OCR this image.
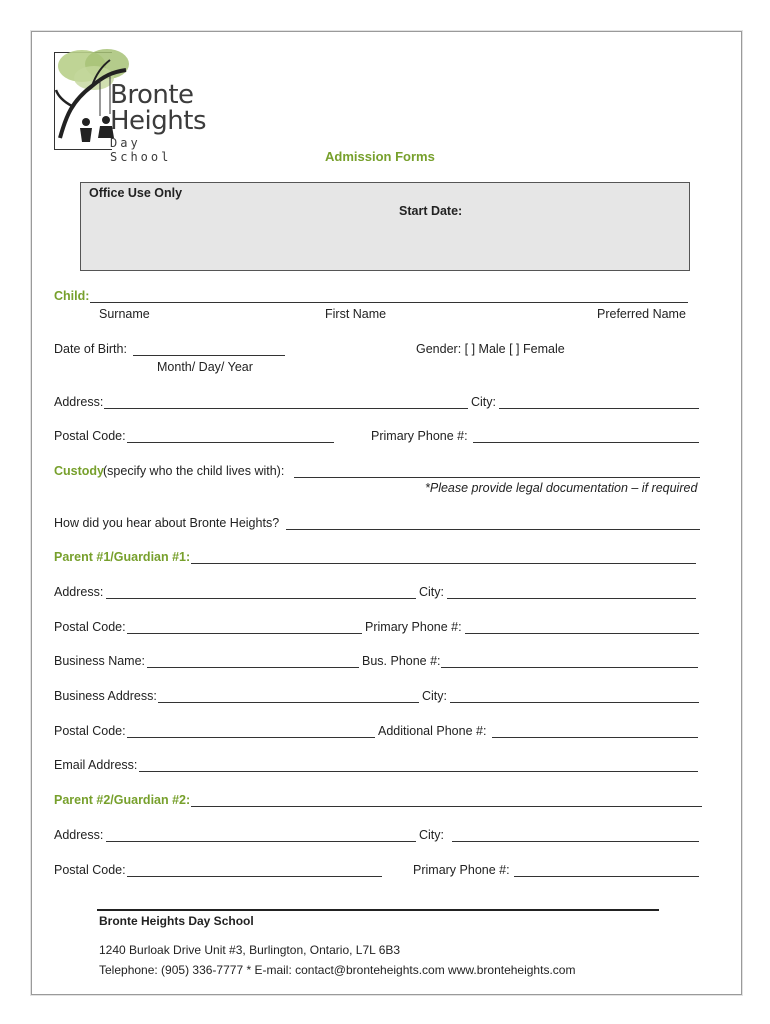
Bronte
Heights
Day School	Admission Forms
Office Use Only
Start Date:
Child:
Surname	First Name	Preferred Name
Date of Birth:
Month/ Day/ Year
Gender: [ ] Male [ ] Female
Address:	City:
Postal Code:	Primary Phone #:
Custody (specify who the child lives with):
*Please provide legal documentation – if required
How did you hear about Bronte Heights?
Parent #1/Guardian #1:
Address:	City:
Postal Code:	Primary Phone #:
Business Name:	Bus. Phone #:
Business Address:	City:
Postal Code:	Additional Phone #:
Email Address:
Parent #2/Guardian #2:
Address:	City:
Postal Code:	Primary Phone #:
Bronte Heights Day School
1240 Burloak Drive Unit #3, Burlington, Ontario, L7L 6B3
Telephone: (905) 336-7777 * E-mail: contact@bronteheights.com www.bronteheights.com
